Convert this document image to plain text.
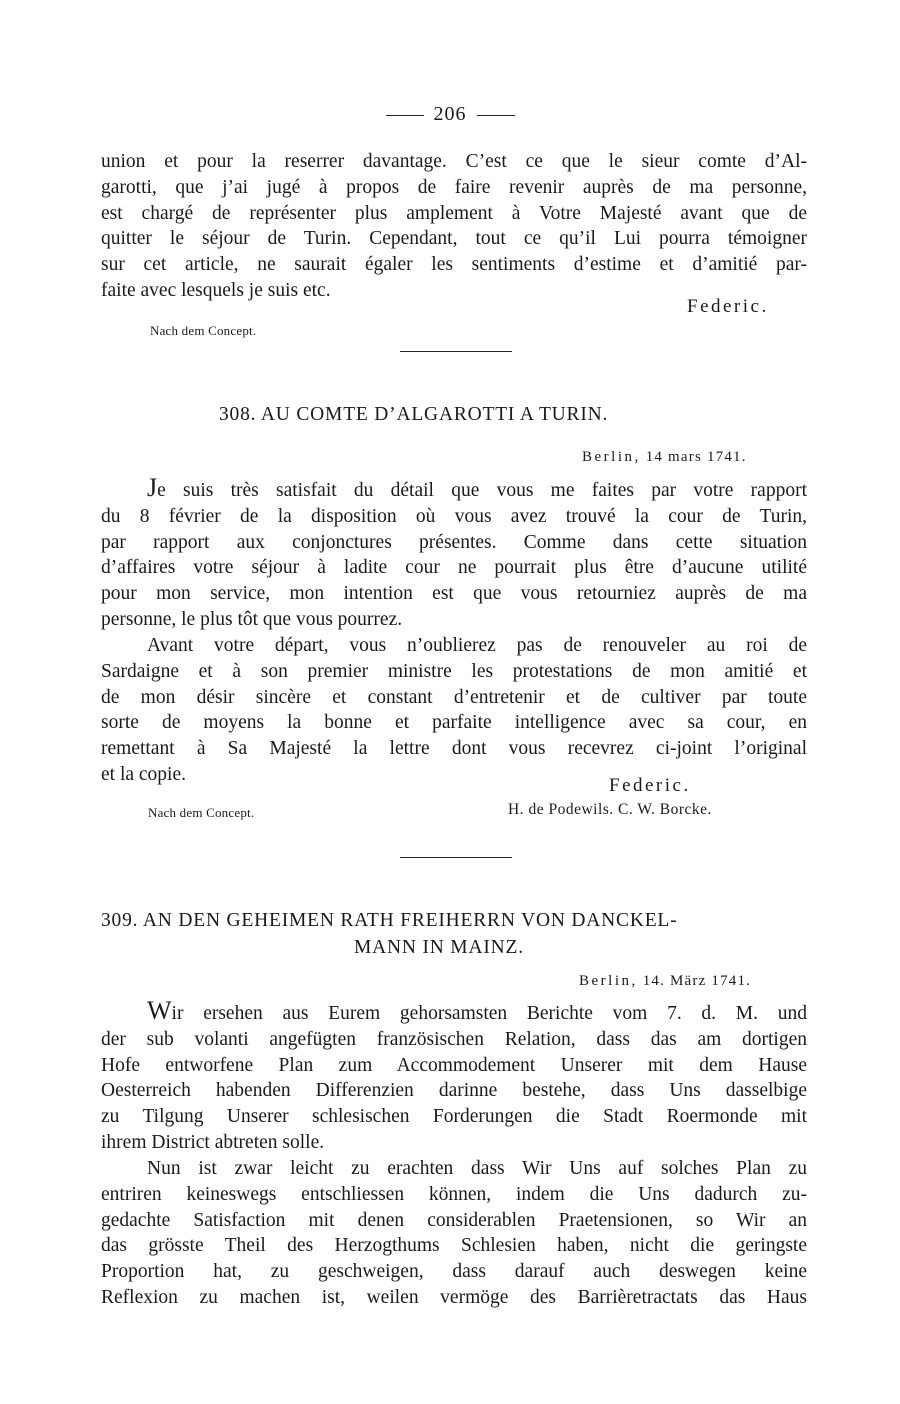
206
union et pour la reserrer davantage. C’est ce que le sieur comte d’Al-
garotti, que j’ai jugé à propos de faire revenir auprès de ma personne,
est chargé de représenter plus amplement à Votre Majesté avant que de
quitter le séjour de Turin. Cependant, tout ce qu’il Lui pourra témoigner
sur cet article, ne saurait égaler les sentiments d’estime et d’amitié par-
faite avec lesquels je suis etc.
Federic.
Nach dem Concept.
308. AU COMTE D’ALGAROTTI A TURIN.
Berlin, 14 mars 1741.
Je suis très satisfait du détail que vous me faites par votre rapport
du 8 février de la disposition où vous avez trouvé la cour de Turin,
par rapport aux conjonctures présentes. Comme dans cette situation
d’affaires votre séjour à ladite cour ne pourrait plus être d’aucune utilité
pour mon service, mon intention est que vous retourniez auprès de ma
personne, le plus tôt que vous pourrez.
Avant votre départ, vous n’oublierez pas de renouveler au roi de
Sardaigne et à son premier ministre les protestations de mon amitié et
de mon désir sincère et constant d’entretenir et de cultiver par toute
sorte de moyens la bonne et parfaite intelligence avec sa cour, en
remettant à Sa Majesté la lettre dont vous recevrez ci-joint l’original
et la copie.
Federic.
Nach dem Concept.	H. de Podewils. C. W. Borcke.
309. AN DEN GEHEIMEN RATH FREIHERRN VON DANCKEL-
MANN IN MAINZ.
Berlin, 14. März 1741.
Wir ersehen aus Eurem gehorsamsten Berichte vom 7. d. M. und
der sub volanti angefügten französischen Relation, dass das am dortigen
Hofe entworfene Plan zum Accommodement Unserer mit dem Hause
Oesterreich habenden Differenzien darinne bestehe, dass Uns dasselbige
zu Tilgung Unserer schlesischen Forderungen die Stadt Roermonde mit
ihrem District abtreten solle.
Nun ist zwar leicht zu erachten dass Wir Uns auf solches Plan zu
entriren keineswegs entschliessen können, indem die Uns dadurch zu-
gedachte Satisfaction mit denen considerablen Praetensionen, so Wir an
das grösste Theil des Herzogthums Schlesien haben, nicht die geringste
Proportion hat, zu geschweigen, dass darauf auch deswegen keine
Reflexion zu machen ist, weilen vermöge des Barrièretractats das Haus
